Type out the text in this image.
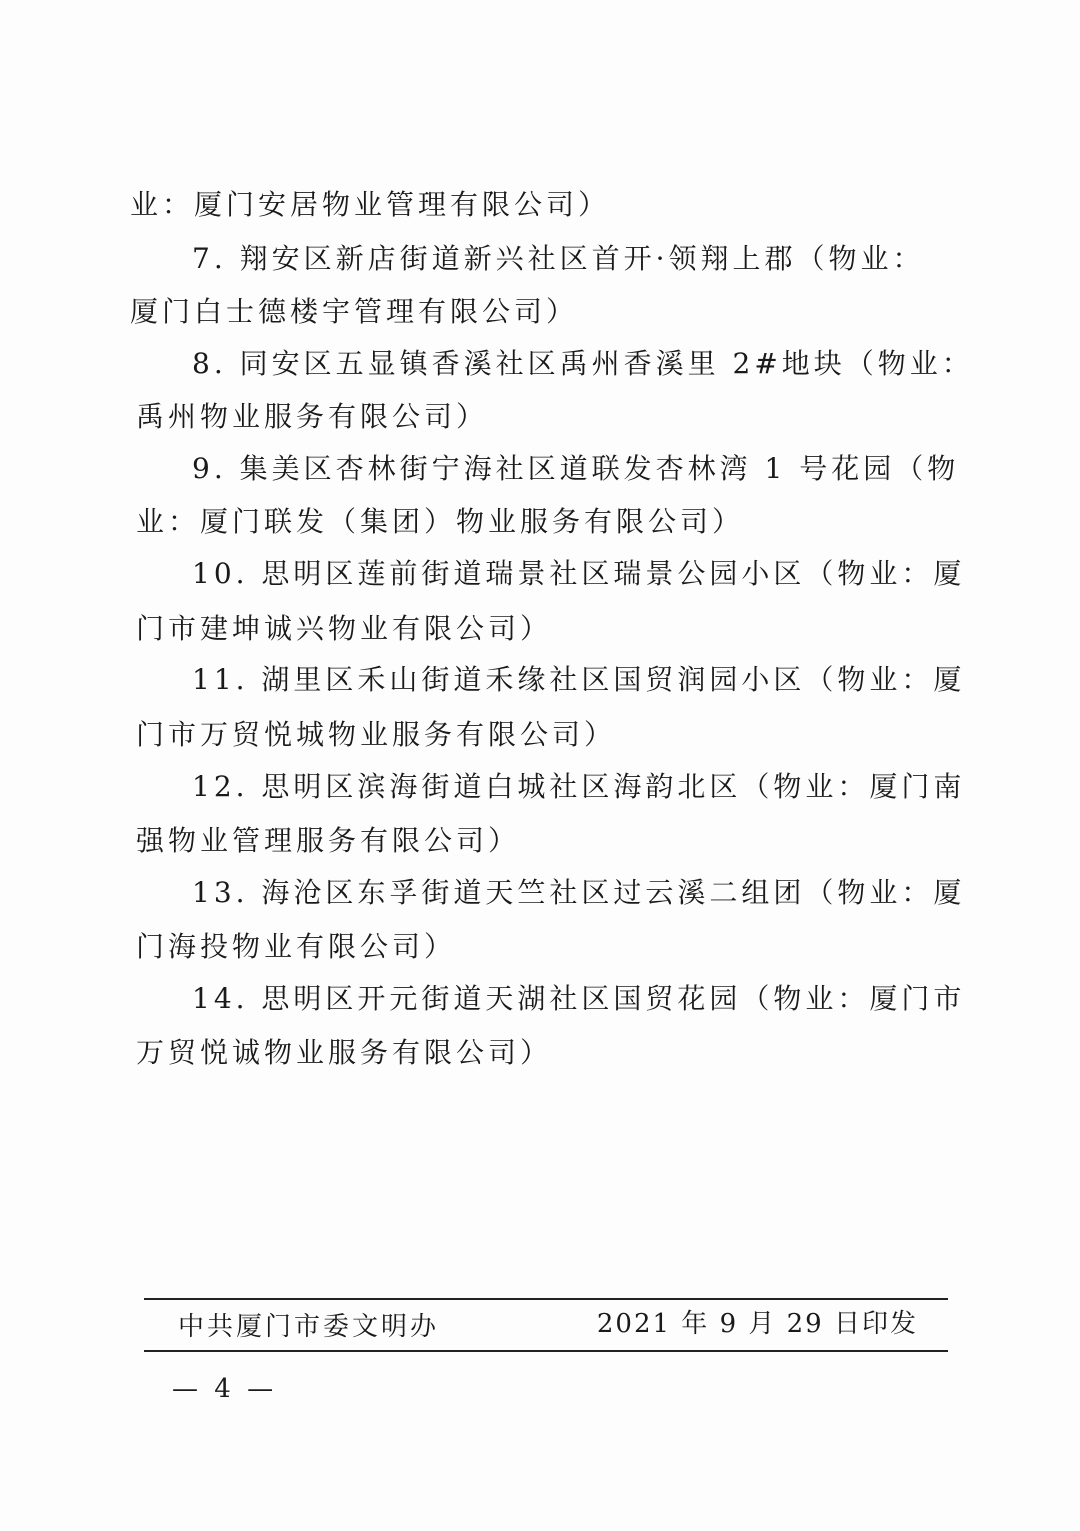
业：厦门安居物业管理有限公司）
7. 翔安区新店街道新兴社区首开·领翔上郡（物业：
厦门白士德楼宇管理有限公司）
8. 同安区五显镇香溪社区禹州香溪里 2#地块（物业：
禹州物业服务有限公司）
9. 集美区杏林街宁海社区道联发杏林湾 1 号花园（物
业：厦门联发（集团）物业服务有限公司）
10. 思明区莲前街道瑞景社区瑞景公园小区（物业：厦
门市建坤诚兴物业有限公司）
11. 湖里区禾山街道禾缘社区国贸润园小区（物业：厦
门市万贸悦城物业服务有限公司）
12. 思明区滨海街道白城社区海韵北区（物业：厦门南
强物业管理服务有限公司）
13. 海沧区东孚街道天竺社区过云溪二组团（物业：厦
门海投物业有限公司）
14. 思明区开元街道天湖社区国贸花园（物业：厦门市
万贸悦诚物业服务有限公司）
中共厦门市委文明办	2021 年 9 月 29 日印发
— 4 —
